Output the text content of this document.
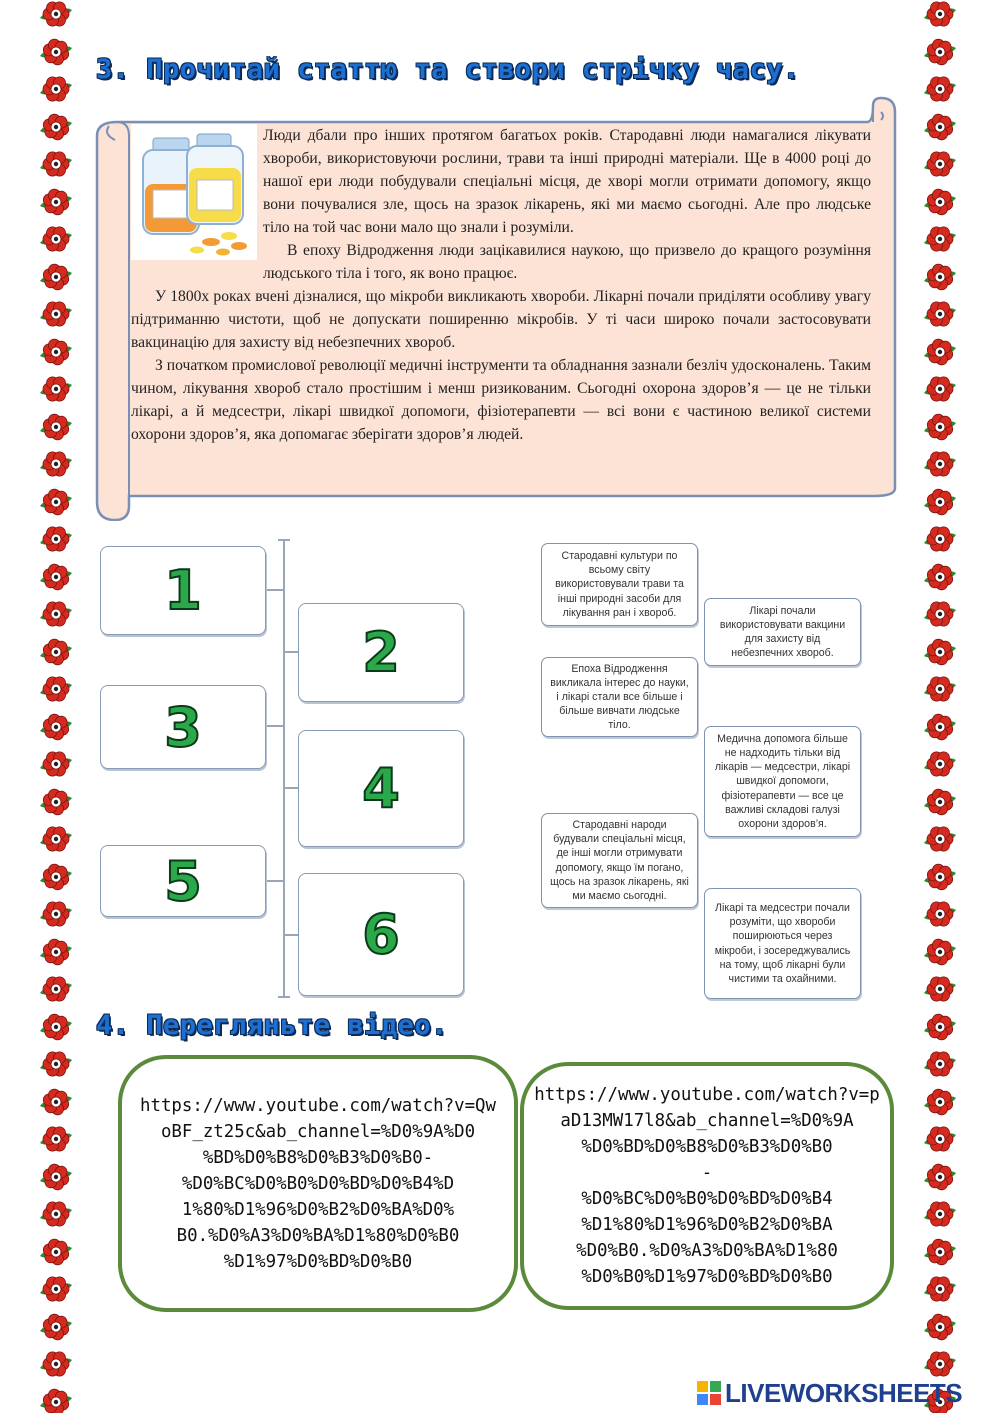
3. Прочитай статтю та створи стрічку часу.

Люди дбали про інших протягом багатьох років. Стародавні люди намагалися лікувати хвороби, використовуючи рослини, трави та інші природні матеріали. Ще в 4000 році до нашої ери люди побудували спеціальні місця, де хворі могли отримати допомогу, якщо вони почувалися зле, щось на зразок лікарень, які ми маємо сьогодні. Але про людське тіло на той час вони мало що знали і розуміли.

В епоху Відродження люди зацікавилися наукою, що призвело до кращого розуміння людського тіла і того, як воно працює.

У 1800х роках вчені дізналися, що мікроби викликають хвороби. Лікарні почали приділяти особливу увагу підтриманню чистоти, щоб не допускати поширенню мікробів. У ті часи широко почали застосовувати вакцинацію для захисту від небезпечних хвороб.

З початком промислової революції медичні інструменти та обладнання зазнали безліч удосконалень. Таким чином, лікування хвороб стало простішим і менш ризикованим. Сьогодні охорона здоров’я — це не тільки лікарі, а й медсестри, лікарі швидкої допомоги, фізіотерапевти — всі вони є частиною великої системи охорони здоров’я, яка допомагає зберігати здоров’я людей.

1
2
3
4
5
6
Стародавні культури по всьому світу використовували трави та інші природні засоби для лікування ран і хвороб.	Лікарі почали використовувати вакцини для захисту від небезпечних хвороб.
Епоха Відродження викликала інтерес до науки, і лікарі стали все більше і більше вивчати людське тіло.
Медична допомога більше не надходить тільки від лікарів — медсестри, лікарі швидкої допомоги, фізіотерапевти — все це важливі складові галузі охорони здоров’я.
Стародавні народи будували спеціальні місця, де інші могли отримувати допомогу, якщо їм погано, щось на зразок лікарень, які ми маємо сьогодні.
Лікарі та медсестри почали розуміти, що хвороби поширюються через мікроби, і зосереджувались на тому, щоб лікарні були чистими та охайними.
4. Перегляньте відео.
https://www.youtube.com/watch?v=Qw
oBF_zt25c&ab_channel=%D0%9A%D0
%BD%D0%B8%D0%B3%D0%B0-
%D0%BC%D0%B0%D0%BD%D0%B4%D
1%80%D1%96%D0%B2%D0%BA%D0%
B0.%D0%A3%D0%BA%D1%80%D0%B0
%D1%97%D0%BD%D0%B0
https://www.youtube.com/watch?v=p
aD13MW17l8&ab_channel=%D0%9A
%D0%BD%D0%B8%D0%B3%D0%B0
-
%D0%BC%D0%B0%D0%BD%D0%B4
%D1%80%D1%96%D0%B2%D0%BA
%D0%B0.%D0%A3%D0%BA%D1%80
%D0%B0%D1%97%D0%BD%D0%B0
LIVEWORKSHEETS
